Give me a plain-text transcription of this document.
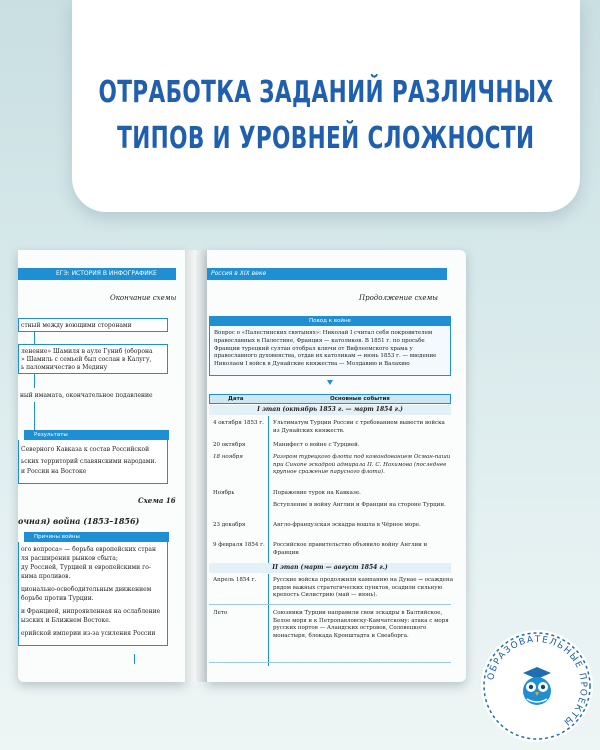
ОТРАБОТКА ЗАДАНИЙ РАЗЛИЧНЫХ
ТИПОВ И УРОВНЕЙ СЛОЖНОСТИ
ЕГЭ: ИСТОРИЯ В ИНФОГРАФИКЕ
Окончание схемы
стный между воющими сторонами
ленение» Шамиля в ауле Гуниб (оборона
» Шамиль с семьей был сослан в Калугу,
ь паломничество в Медину
ный имамата, окончательное подавление
Результаты
Северного Кавказа к состав Российской
ьских территорий славянскими народами.
и России на Востоке
Схема 16
очная) война (1853–1856)
Причины войны
ого вопроса» — борьба европейских стран
ля расширения рынков сбыта;
ду Россией, Турцией и европейскими го-
кима проливов.
ционально-освободительным движением
борьбе против Турции.
и Францией, нипроявленная на ослабление
ызских и Ближнем Востоке.
ерийской империи из-за усиления России
Россия в XIX веке	93
Продолжение схемы
Повод к войне
Вопрос о «Палестинских святынях»: Николай I считал себя покровителем православных в Палестине, Франция — католиков. В 1851 г. по просьбе Франции турецкий султан отобрал ключи от Вифлеемского храма у православного духовенства, отдав их католикам → июнь 1853 г. — введение Николаем I войск в Дунайские княжества — Молдавию и Валахию
Дата	Основные события
I этап (октябрь 1853 г. — март 1854 г.)
4 октября 1853 г. Ультиматум Турции России с требованием вывести войска из Дунайских княжеств.
20 октября	Манифест о войне с Турцией.
18 ноября	Разгром турецкого флота под командованием Осман-паши при Синопе эскадрой адмирала П. С. Нахимова (последнее крупное сражение парусного флота).
Ноябрь	Поражение турок на Кавказе.
Вступление в войну Англии и Франции на стороне Турции.
23 декабря	Англо-французская эскадра вошла в Чёрное море.
9 февраля 1854 г. Российское правительство объявило войну Англии и Франции
II этап (март — август 1854 г.)
Апрель 1854 г.	Русские войска продолжили кампанию на Дунае → осаждена рядом важных стратегических пунктов, осадили сильную крепость Силистрию (май — июнь).
Лето	Союзники Турции направили свои эскадры в Балтийское, Белое моря и к Петропавловску-Камчатскому: атака с моря русских портов — Аландских островов, Соловецкого монастыря, блокада Кронштадта и Свеаборга.
ОБРАЗОВАТЕЛЬНЫЕ ПРОЕКТЫ
